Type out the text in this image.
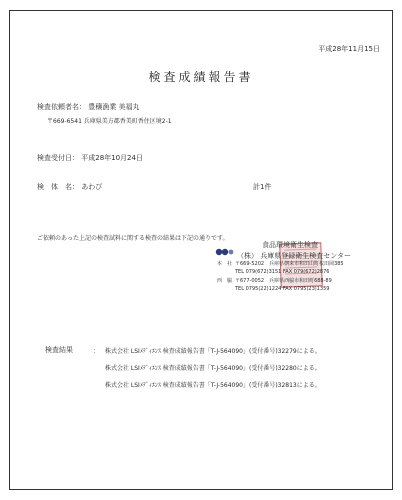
平成28年11月15日
検査成績報告書
検査依頼者名： 豊穣漁業 美福丸
〒669-6541 兵庫県美方郡香美町香住区境2-1
検査受付日： 平成28年10月24日
検　体　名： あわび	計1件
ご依頼のあった上記の検査試料に関する検査の結果は下記の通りです。
食品環境衛生検査
（株） 兵庫県登録衛生検査センター
本　社 〒669-5202　兵庫県朝来市和田山町枚田岡385
TEL 079(672)3151 FAX 079(672)2876
西　脇 〒677-0052　兵庫県西脇市和田町688-89
TEL 0795(22)1224 FAX 0795(23)1359
検査結果	： 株式会社 LSIﾒﾃﾞｨｴﾝｽ 検査成績報告書「T-J-564090」(受付番号)32279による。
株式会社 LSIﾒﾃﾞｨｴﾝｽ 検査成績報告書「T-J-564090」(受付番号)32280による。
株式会社 LSIﾒﾃﾞｨｴﾝｽ 検査成績報告書「T-J-564090」(受付番号)32813による。
